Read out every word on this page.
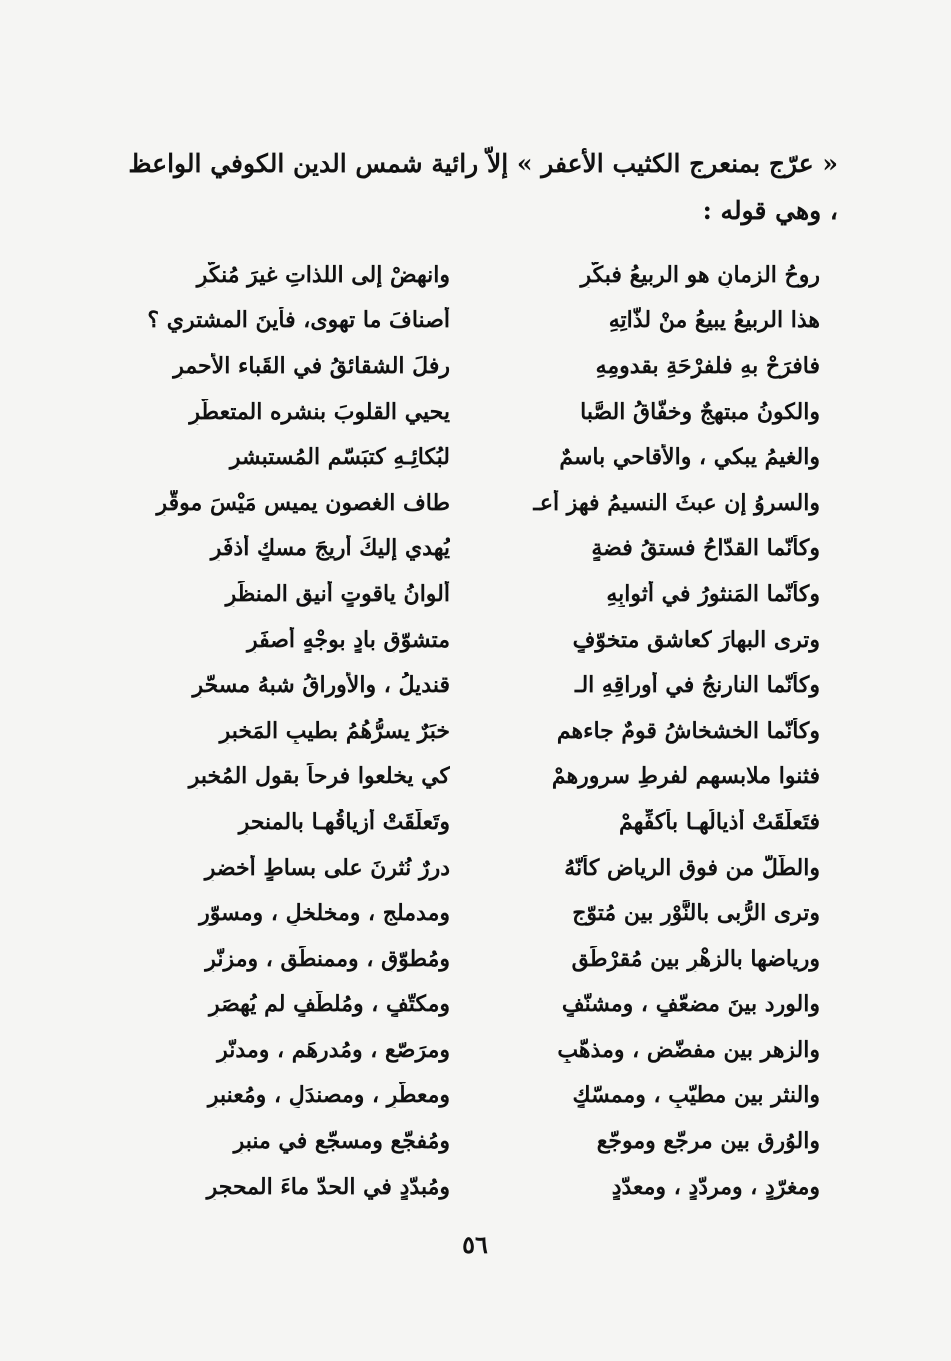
« عرّج بمنعرج الكثيب الأعفر » إلاّ رائية شمس الدين الكوفي الواعظ ، وهي قوله :
روحُ الزمانِ هو الربيعُ فبكّرِ
وانهضْ إلى اللذاتِ غيرَ مُنكّرِ
هذا الربيعُ يبيعُ منْ لذّاتِهِ
أصنافَ ما تهوى، فأينَ المشتري ؟
فافرَحْ بهِ فلفرْحَةِ بقدومِهِ
رفلَ الشقائقُ في القَباء الأحمرِ
والكونُ مبتهجٌ وخفّاقُ الصَّبا
يحيي القلوبَ بنشره المتعطّرِ
والغيمُ يبكي ، والأقاحي باسمٌ
لبُكائِـهِ كتبَسّمِ المُستبشرِ
والسروُ إن عبثَ النسيمُ فهز أعـ
طاف الغصون يميس مَيْسَ موقّرِ
وكأنّما القدّاحُ فستقُ فضةٍ
يُهدي إليكَ أريجَ مسكٍ أذفَرِ
وكأنّما المَنثورُ في أثوابِهِ
ألوانُ ياقوتٍ أنيقِ المنظَرِ
وترى البهارَ كعاشقٍ متخوّفٍ
متشوّقٍ بادٍ بوجْهٍ أصفَرِ
وكأنّما النارنجُ في أوراقِهِ الـ
قنديلُ ، والأوراقُ شبهُ مسحّرِ
وكأنّما الخشخاشُ قومٌ جاءهم
خبَرٌ يسرُّهُمُ بطيبِ المَخبرِ
فثنوا ملابسهم لفرطِ سرورهمْ
كي يخلعوا فرحاً بقول المُخبرِ
فتَعلّقَتْ أذيالُهـا بأكفِّهِمْ
وتَعلّقَتْ أزياقُهـا بالمنحرِ
والطَّلُّ من فوقِ الرياضِ كأنّهُ
دررٌ نُثرنَ على بساطٍ أخضرِ
وترى الرُّبى بالنَّوْرِ بين مُتوّجٍ
ومدملجٍ ، ومخلخلٍ ، ومسوّرِ
ورياضها بالزهْرِ بين مُقرْطَقٍ
ومُطوّقٍ ، وممنطَقٍ ، ومزنّرِ
والورد بينَ مضعّفٍ ، ومشنّفٍ
ومكتّفٍ ، ومُلطّفٍ لم يُهصَرِ
والزهر بين مفضّضٍ ، ومذهّبٍ
ومرَصّعٍ ، ومُدرهَمٍ ، ومدنّرِ
والنثر بين مطيّبٍ ، وممسّكٍ
ومعطّرٍ ، ومصندَلٍ ، ومُعنبرِ
والوُرق بين مرجّعٍ وموجّعٍ
ومُفجّعٍ ومسجّعٍ في منبرِ
ومغرّدٍ ، ومردّدٍ ، ومعدّدٍ
ومُبدّدٍ في الحدّ ماءَ المحجرِ
٥٦
